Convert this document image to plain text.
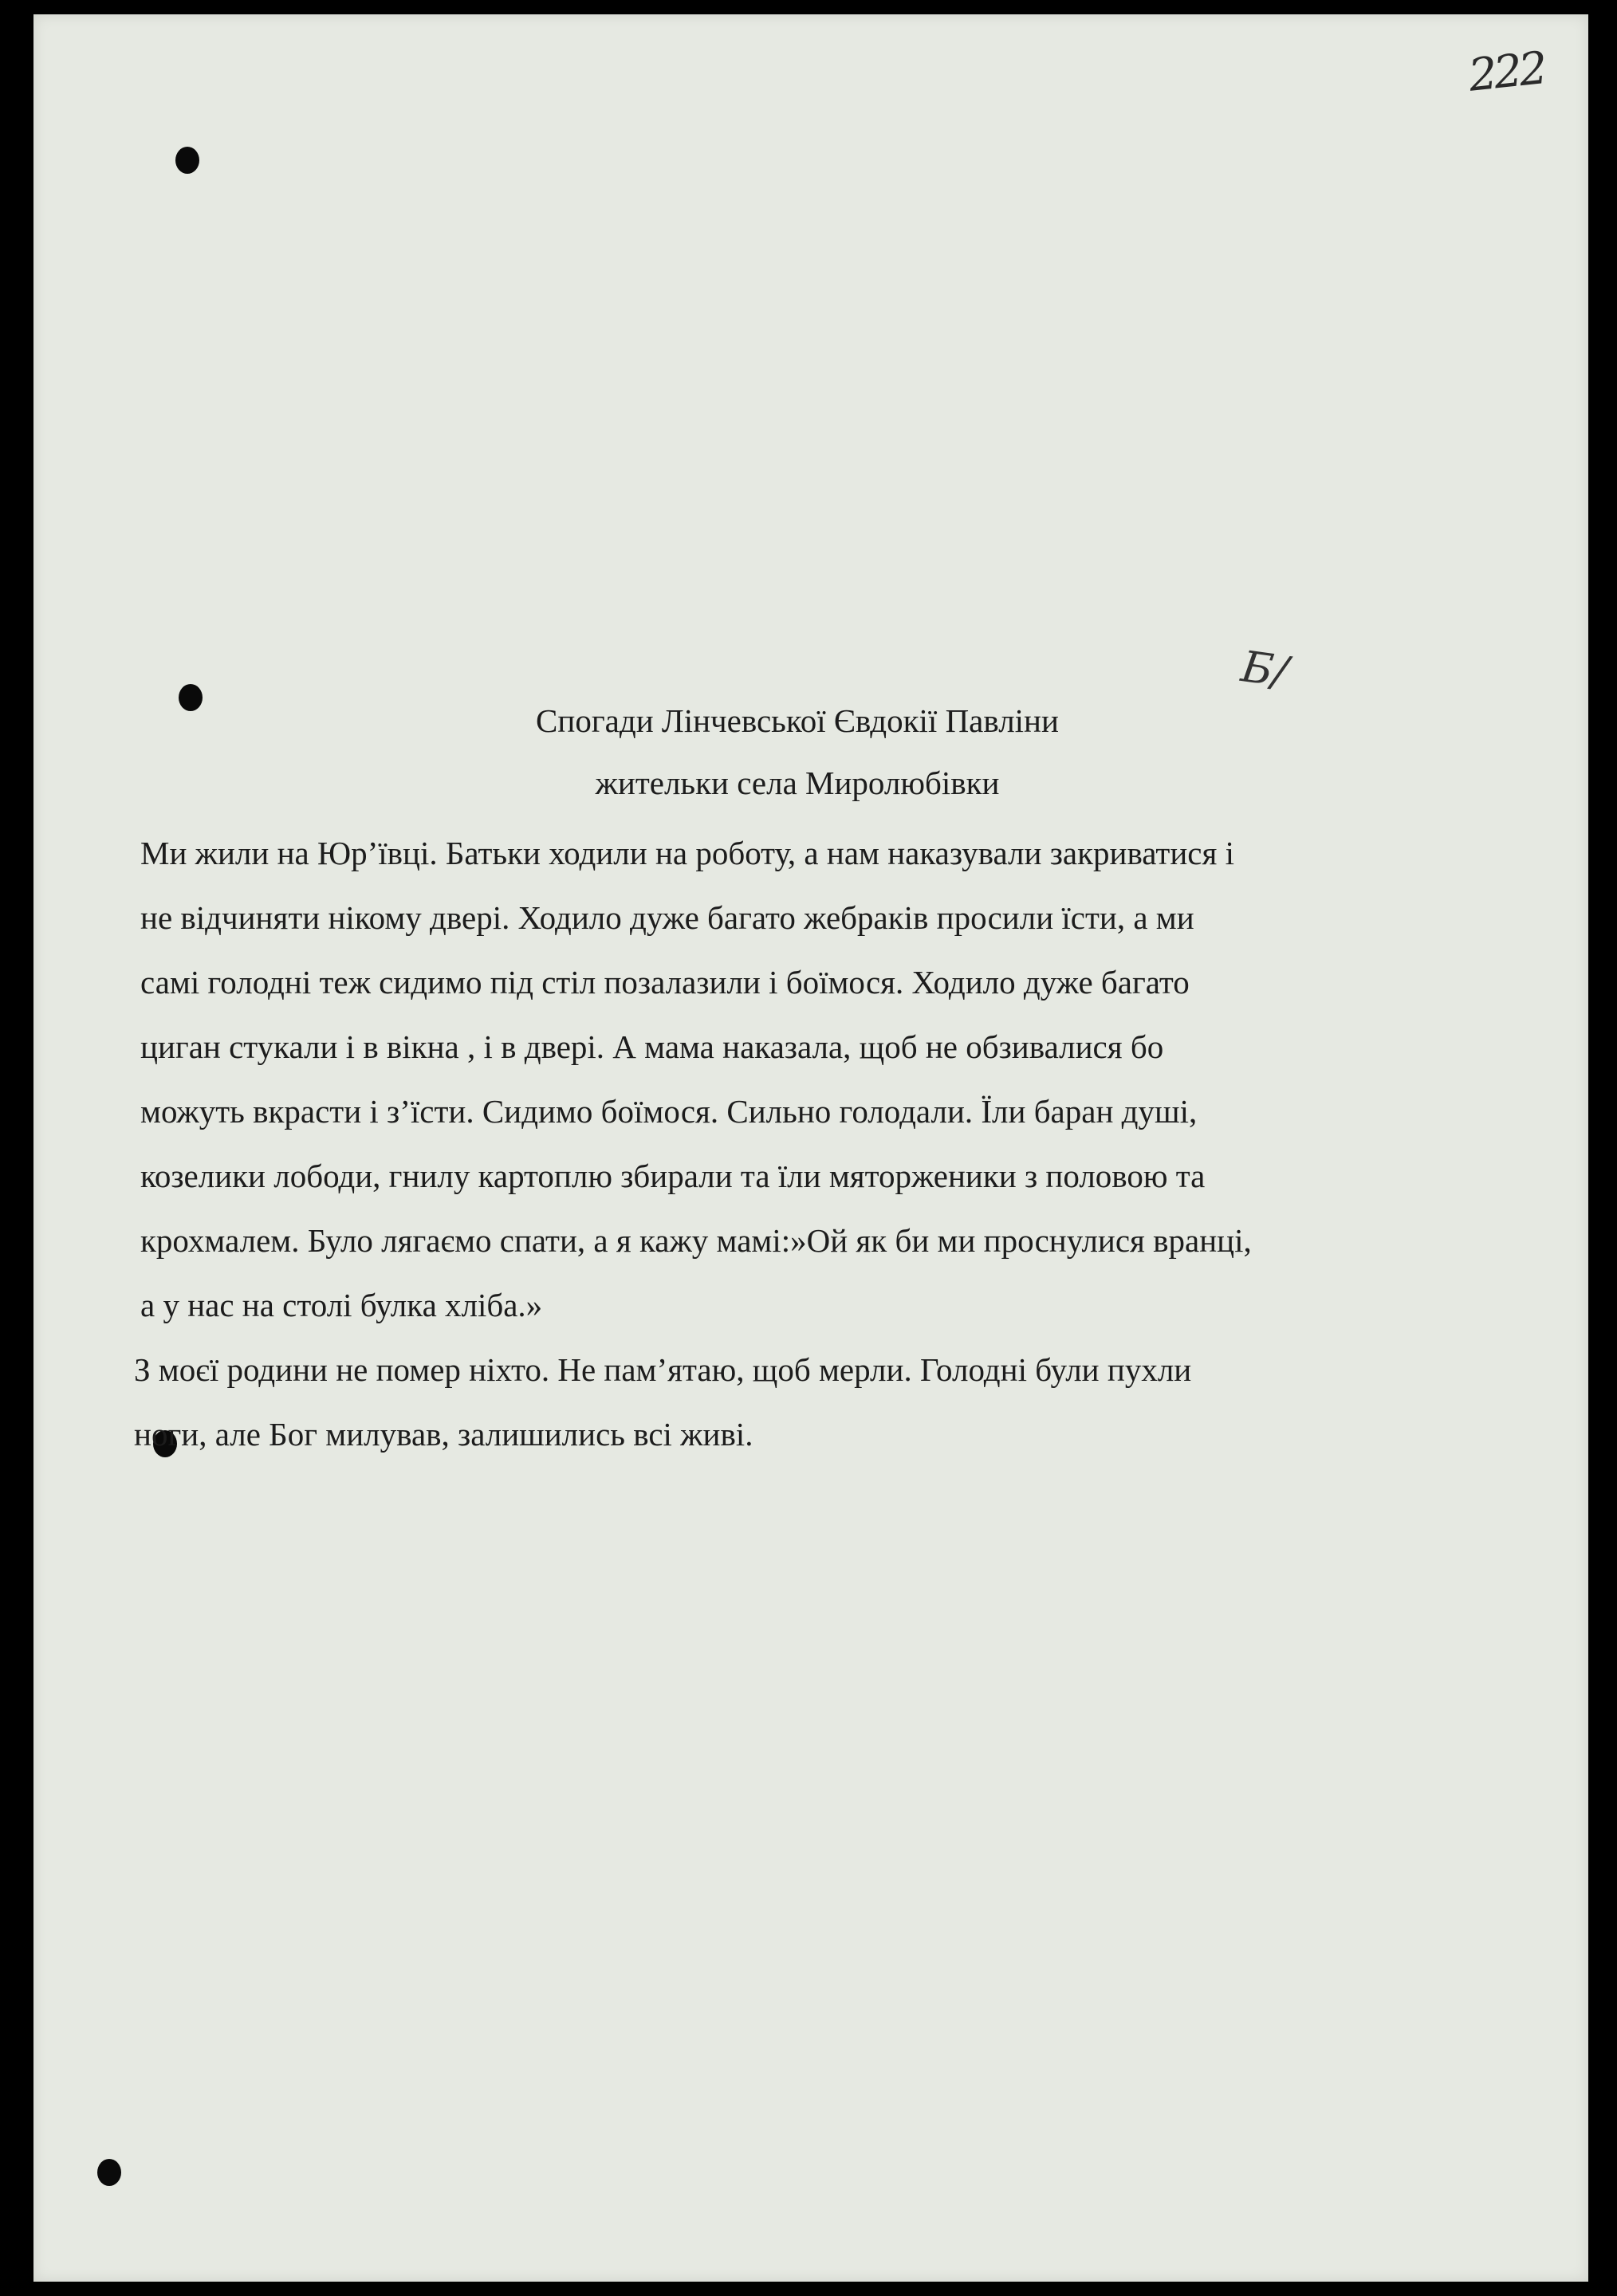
222
Б/
Спогади Лінчевської Євдокії Павліни
жительки села Миролюбівки
Ми жили на Юр’ївці. Батьки ходили на роботу, а нам наказували закриватися і
не відчиняти нікому двері. Ходило дуже багато жебраків просили їсти, а ми
самі голодні теж сидимо під стіл позалазили і боїмося. Ходило дуже багато
циган стукали і в вікна , і в двері. А мама наказала, щоб не обзивалися бо
можуть вкрасти і з’їсти. Сидимо боїмося. Сильно голодали. Їли баран душі,
козелики лободи, гнилу картоплю збирали та їли мяторженики з половою та
крохмалем. Було лягаємо спати, а я кажу мамі:»Ой як би ми проснулися вранці,
а у нас на столі булка хліба.»
З моєї родини не помер ніхто. Не пам’ятаю, щоб мерли. Голодні були пухли
ноги, але Бог милував, залишились всі живі.
